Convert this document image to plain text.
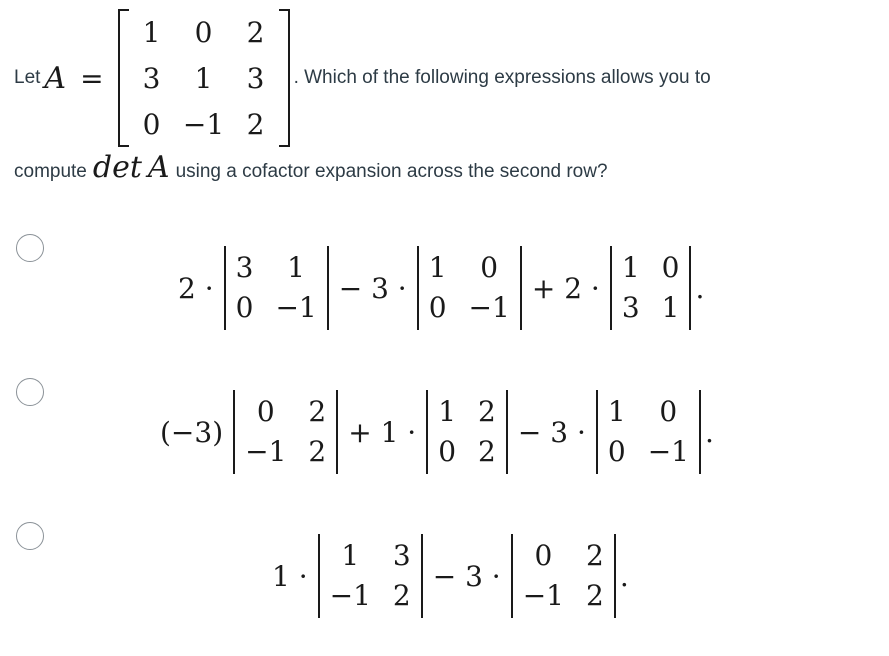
Let A =
1	0	2
3	1	3
0 −1 2
. Which of the following expressions allows you to
compute det A using a cofactor expansion across the second row?
2 ·
3	1
0 −1
− 3 ·
1	0
0 −1
+ 2 ·
1 0
3 1
.
(−3)
0	2
−1 2
+ 1 ·
1 2
0 2
− 3 ·
1	0
0 −1
.
1 ·
1	3
−1 2
− 3 ·
0	2
−1 2
.
